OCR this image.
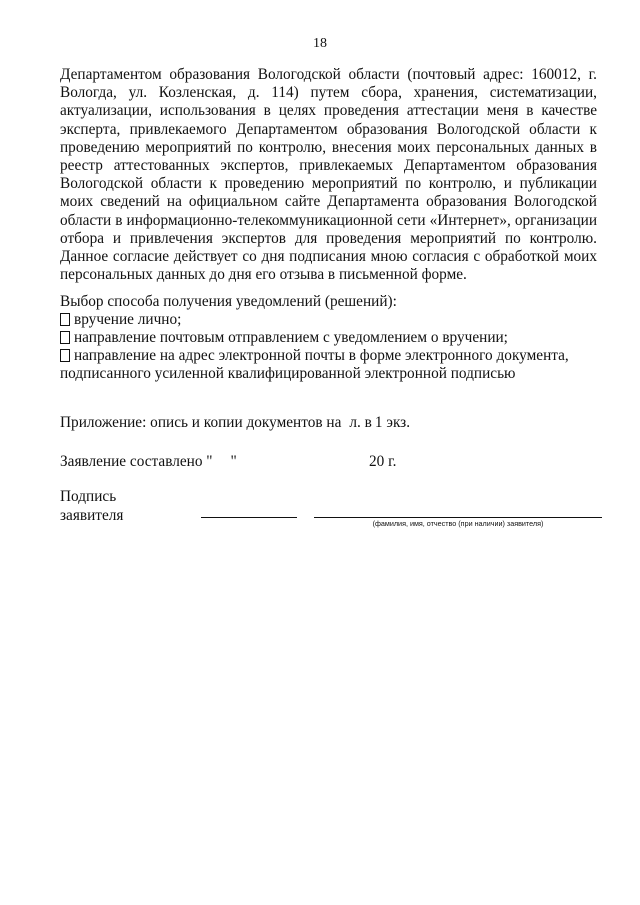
18
Департаментом образования Вологодской области (почтовый адрес: 160012, г.
Вологда, ул. Козленская, д. 114) путем сбора, хранения, систематизации,
актуализации, использования в целях проведения аттестации меня в качестве
эксперта, привлекаемого Департаментом образования Вологодской области к
проведению мероприятий по контролю, внесения моих персональных данных в
реестр аттестованных экспертов, привлекаемых Департаментом образования
Вологодской области к проведению мероприятий по контролю, и публикации
моих сведений на официальном сайте Департамента образования Вологодской
области в информационно-телекоммуникационной сети «Интернет», организации
отбора и привлечения экспертов для проведения мероприятий по контролю.
Данное согласие действует со дня подписания мною согласия с обработкой моих
персональных данных до дня его отзыва в письменной форме.
Выбор способа получения уведомлений (решений):
вручение лично;
направление почтовым отправлением с уведомлением о вручении;
направление на адрес электронной почты в форме электронного документа,
подписанного усиленной квалифицированной электронной подписью
Приложение: опись и копии документов на л. в 1 экз.
Заявление составлено " "	20 г.
Подпись
заявителя	(фамилия, имя, отчество (при наличии) заявителя)
